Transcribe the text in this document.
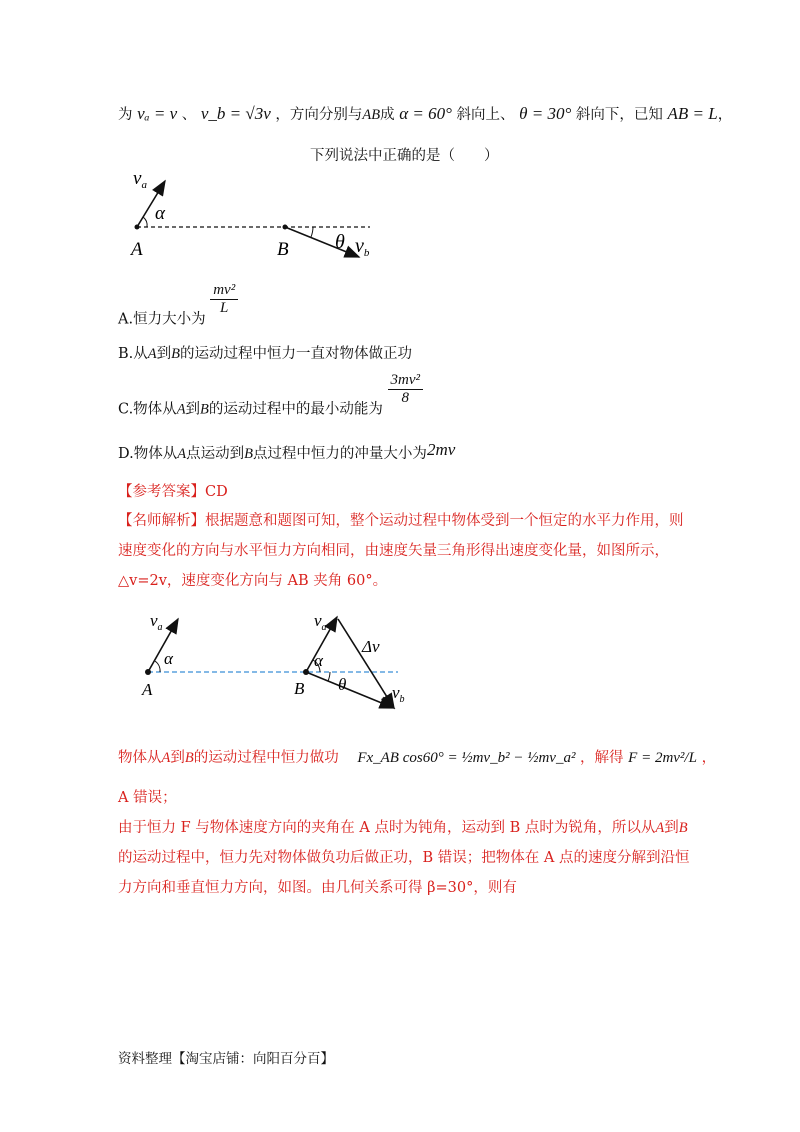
为 vₐ = v 、 v_b = √3v ，方向分别与AB成 α = 60° 斜向上、 θ = 30° 斜向下，已知 AB = L，
下列说法中正确的是（　　）
$v_a$
α
A	B θ $v_b$
A.恒力大小为
$\frac{\text{mv²}}{L}$
B.从A到B的运动过程中恒力一直对物体做正功
C.物体从A到B的运动过程中的最小动能为
$\frac{\text{3mv²}}{8}$
D.物体从A点运动到B点过程中恒力的冲量大小为2mv
【参考答案】CD
【名师解析】根据题意和题图可知，整个运动过程中物体受到一个恒定的水平力作用，则
速度变化的方向与水平恒力方向相同，由速度矢量三角形得出速度变化量，如图所示，
△v=2v，速度变化方向与 AB 夹角 60°。
$v_a$
α
A
$v_a$
Δv
α
θ
B	$v_b$
物体从A到B的运动过程中恒力做功 Fx_AB cos60° = ½mv_b² − ½mv_a² ，解得 F = 2mv²/L ，
A 错误；
由于恒力 F 与物体速度方向的夹角在 A 点时为钝角，运动到 B 点时为锐角，所以从A到B
的运动过程中，恒力先对物体做负功后做正功，B 错误；把物体在 A 点的速度分解到沿恒
力方向和垂直恒力方向，如图。由几何关系可得 β=30°，则有
资料整理【淘宝店铺：向阳百分百】
